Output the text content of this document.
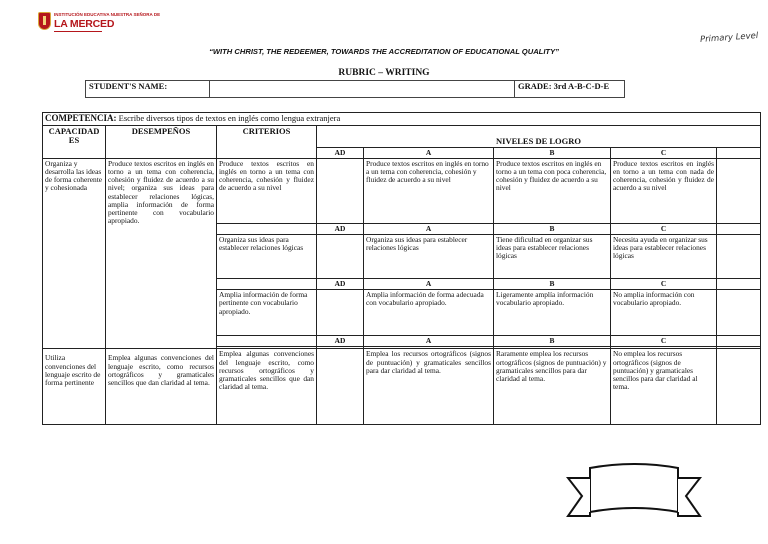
INSTITUCIÓN EDUCATIVA NUESTRA SEÑORA DE
LA MERCED
Primary Level
“WITH CHRIST, THE REDEEMER, TOWARDS THE ACCREDITATION OF EDUCATIONAL QUALITY”
RUBRIC – WRITING
STUDENT'S NAME:		GRADE: 3rd A-B-C-D-E
COMPETENCIA: Escribe diversos tipos de textos en inglés como lengua extranjera							
CAPACIDAD ES	DESEMPEÑOS	CRITERIOS	NIVELES DE LOGRO				
			AD	A	B	C	
Organiza y desarrolla las ideas de forma coherente y cohesionada	Produce textos escritos en inglés en torno a un tema con coherencia, cohesión y fluidez de acuerdo a su nivel; organiza sus ideas para establecer relaciones lógicas, amplia información de forma pertinente con vocabulario apropiado.	Produce textos escritos en inglés en torno a un tema con coherencia, cohesión y fluidez de acuerdo a su nivel		Produce textos escritos en inglés en torno a un tema con coherencia, cohesión y fluidez de acuerdo a su nivel	Produce textos escritos en inglés en torno a un tema con poca coherencia, cohesión y fluidez de acuerdo a su nivel	Produce textos escritos en inglés en torno a un tema con nada de coherencia, cohesión y fluidez de acuerdo a su nivel	
			AD	A	B	C	
		Organiza sus ideas para establecer relaciones lógicas		Organiza sus ideas para establecer relaciones lógicas	Tiene dificultad en organizar sus ideas para establecer relaciones lógicas	Necesita ayuda en organizar sus ideas para establecer relaciones lógicas	
			AD	A	B	C	
		Amplia información de forma pertinente con vocabulario apropiado.		Amplia información de forma adecuada con vocabulario apropiado.	Ligeramente amplía información vocabulario apropiado.	No amplia información con vocabulario apropiado.	
			AD	A	B	C	

Utiliza convenciones del lenguaje escrito de forma pertinente	Emplea algunas convenciones del lenguaje escrito, como recursos ortográficos y gramaticales sencillos que dan claridad al tema.	Emplea algunas convenciones del lenguaje escrito, como recursos ortográficos y gramaticales sencillos que dan claridad al tema.		Emplea los recursos ortográficos (signos de puntuación) y gramaticales sencillos para dar claridad al tema.	Raramente emplea los recursos ortográficos (signos de puntuación) y gramaticales sencillos para dar claridad al tema.	No emplea los recursos ortográficos (signos de puntuación) y gramaticales sencillos para dar claridad al tema.	
